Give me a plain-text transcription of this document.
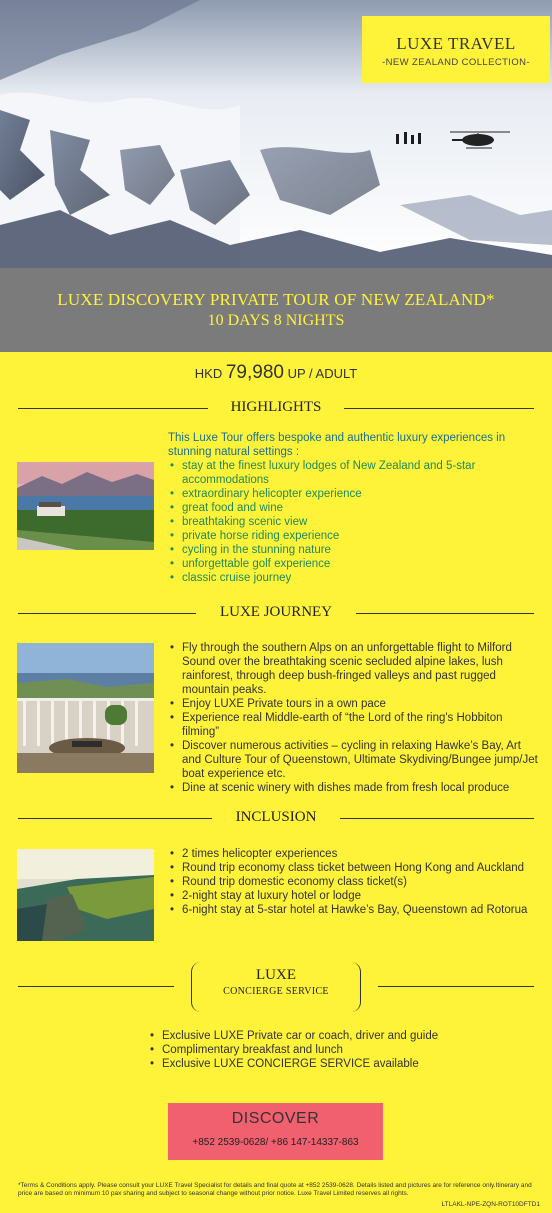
LUXE TRAVEL
-NEW ZEALAND COLLECTION-
LUXE DISCOVERY PRIVATE TOUR OF NEW ZEALAND*
10 DAYS 8 NIGHTS
HKD 79,980 UP / ADULT
HIGHLIGHTS
This Luxe Tour offers bespoke and authentic luxury experiences in stunning natural settings :
• stay at the finest luxury lodges of New Zealand and 5-star accommodations
• extraordinary helicopter experience
• great food and wine
• breathtaking scenic view
• private horse riding experience
• cycling in the stunning nature
• unforgettable golf experience
• classic cruise journey
LUXE JOURNEY
• Fly through the southern Alps on an unforgettable flight to Milford Sound over the breathtaking scenic secluded alpine lakes, lush rainforest, through deep bush-fringed valleys and past rugged mountain peaks.
• Enjoy LUXE Private tours in a own pace
• Experience real Middle-earth of “the Lord of the ring's Hobbiton filming”
• Discover numerous activities – cycling in relaxing Hawke’s Bay, Art and Culture Tour of Queenstown, Ultimate Skydiving/Bungee jump/Jet boat experience etc.
• Dine at scenic winery with dishes made from fresh local produce
INCLUSION
• 2 times helicopter experiences
• Round trip economy class ticket between Hong Kong and Auckland
• Round trip domestic economy class ticket(s)
• 2-night stay at luxury hotel or lodge
• 6-night stay at 5-star hotel at Hawke’s Bay, Queenstown ad Rotorua
LUXE
CONCIERGE SERVICE
• Exclusive LUXE Private car or coach, driver and guide
• Complimentary breakfast and lunch
• Exclusive LUXE CONCIERGE SERVICE available
DISCOVER
+852 2539-0628/ +86 147-14337-863
*Terms & Conditions apply. Please consult your LUXE Travel Specialist for details and final quote at +852 2539-0628. Details listed and pictures are for reference only.Itinerary and price are based on minimum 10 pax sharing and subject to seasonal change without prior notice. Luxe Travel Limited reserves all rights.
LTLAKL-NPE-ZQN-ROT10DFTD1
